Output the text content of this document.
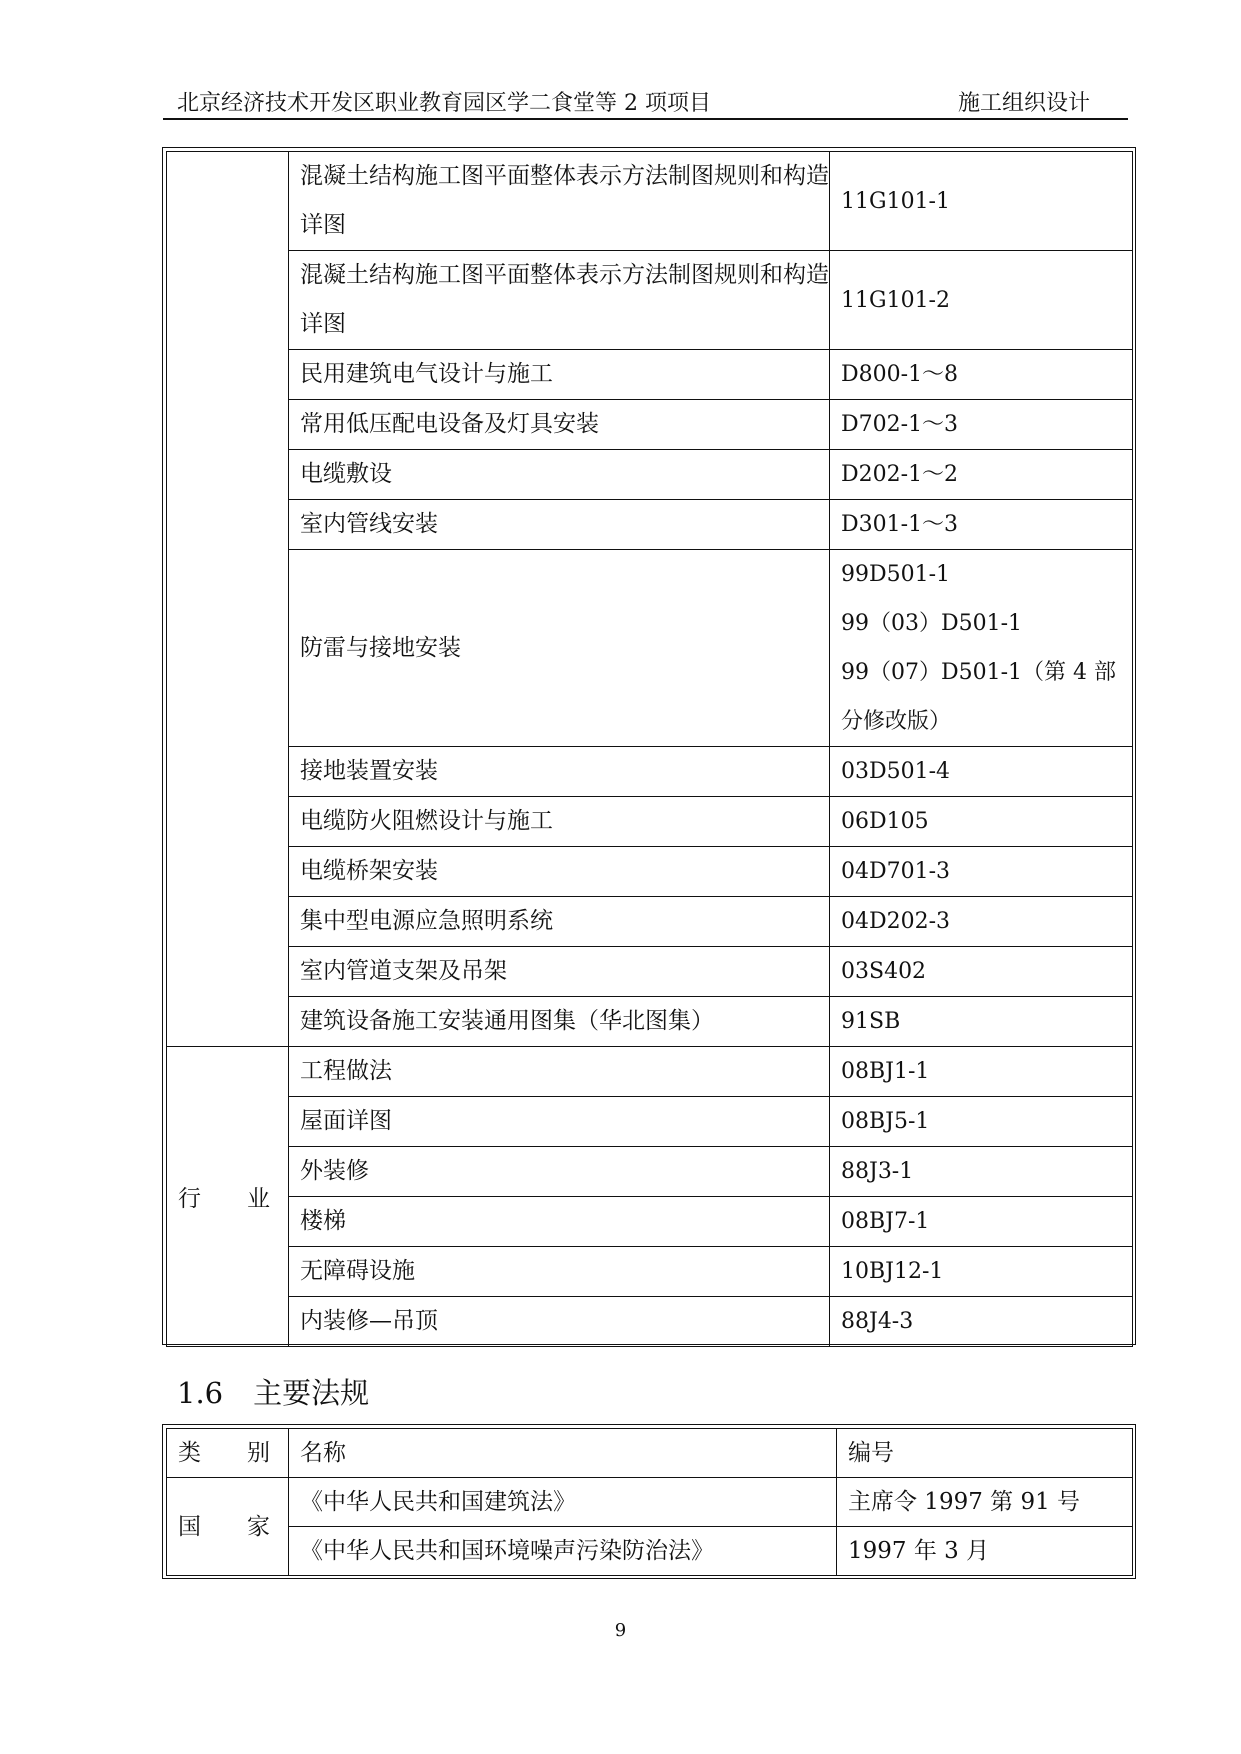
北京经济技术开发区职业教育园区学二食堂等 2 项项目	施工组织设计
	混凝土结构施工图平面整体表示方法制图规则和构造详图	11G101-1
	混凝土结构施工图平面整体表示方法制图规则和构造详图	11G101-2
	民用建筑电气设计与施工	D800-1～8
	常用低压配电设备及灯具安装	D702-1～3
	电缆敷设	D202-1～2
	室内管线安装	D301-1～3
	防雷与接地安装	99D501-1
99（03）D501-1
99（07）D501-1（第 4 部
分修改版）

	接地装置安装	03D501-4
	电缆防火阻燃设计与施工	06D105
	电缆桥架安装	04D701-3
	集中型电源应急照明系统	04D202-3
	室内管道支架及吊架	03S402
	建筑设备施工安装通用图集（华北图集）	91SB
行 业	工程做法	08BJ1-1
	屋面详图	08BJ5-1
	外装修	88J3-1
	楼梯	08BJ7-1
	无障碍设施	10BJ12-1
	内装修—吊顶	88J4-3
1.6 主要法规
类 别	名称	编号
国 家	《中华人民共和国建筑法》	主席令 1997 第 91 号
	《中华人民共和国环境噪声污染防治法》	1997 年 3 月
9
